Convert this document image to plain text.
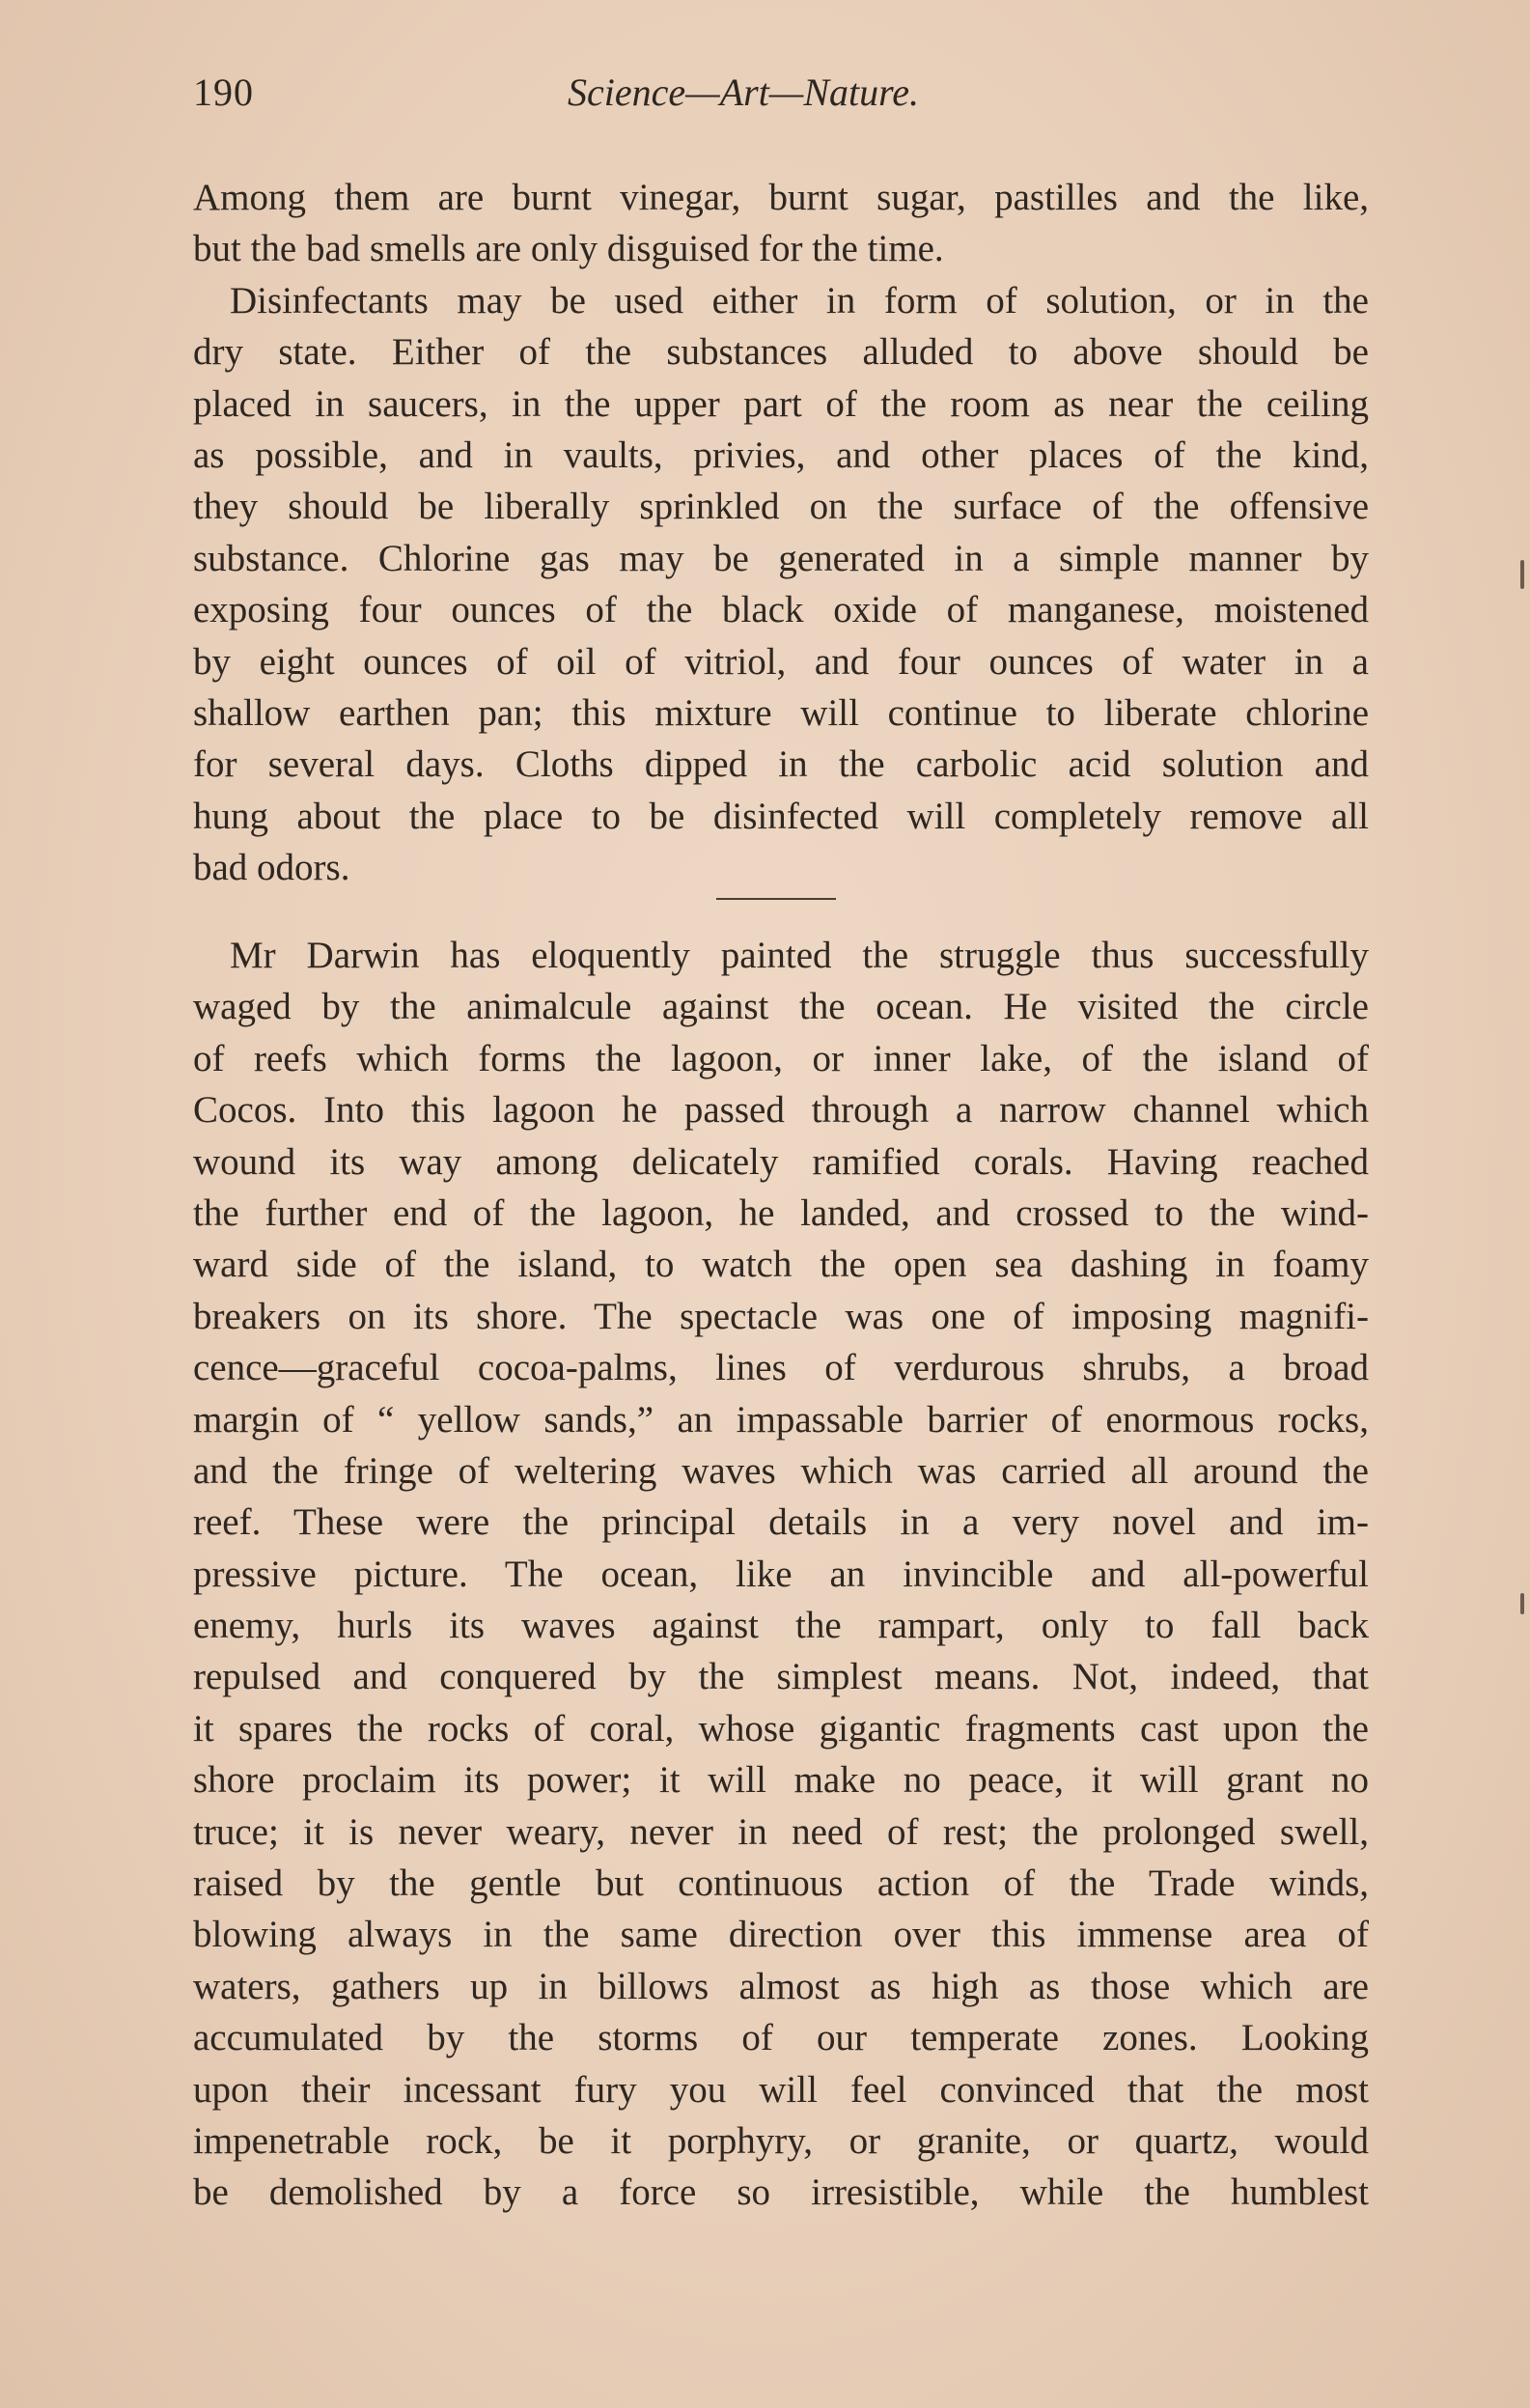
190	Science—Art—Nature.
Among them are burnt vinegar, burnt sugar, pastilles and the like,
but the bad smells are only disguised for the time.
Disinfectants may be used either in form of solution, or in the
dry state. Either of the substances alluded to above should be
placed in saucers, in the upper part of the room as near the ceiling
as possible, and in vaults, privies, and other places of the kind,
they should be liberally sprinkled on the surface of the offensive
substance. Chlorine gas may be generated in a simple manner by
exposing four ounces of the black oxide of manganese, moistened
by eight ounces of oil of vitriol, and four ounces of water in a
shallow earthen pan; this mixture will continue to liberate chlorine
for several days. Cloths dipped in the carbolic acid solution and
hung about the place to be disinfected will completely remove all
bad odors.
Mr Darwin has eloquently painted the struggle thus successfully
waged by the animalcule against the ocean. He visited the circle
of reefs which forms the lagoon, or inner lake, of the island of
Cocos. Into this lagoon he passed through a narrow channel which
wound its way among delicately ramified corals. Having reached
the further end of the lagoon, he landed, and crossed to the wind-
ward side of the island, to watch the open sea dashing in foamy
breakers on its shore. The spectacle was one of imposing magnifi-
cence—graceful cocoa-palms, lines of verdurous shrubs, a broad
margin of “ yellow sands,” an impassable barrier of enormous rocks,
and the fringe of weltering waves which was carried all around the
reef. These were the principal details in a very novel and im-
pressive picture. The ocean, like an invincible and all-powerful
enemy, hurls its waves against the rampart, only to fall back
repulsed and conquered by the simplest means. Not, indeed, that
it spares the rocks of coral, whose gigantic fragments cast upon the
shore proclaim its power; it will make no peace, it will grant no
truce; it is never weary, never in need of rest; the prolonged swell,
raised by the gentle but continuous action of the Trade winds,
blowing always in the same direction over this immense area of
waters, gathers up in billows almost as high as those which are
accumulated by the storms of our temperate zones. Looking
upon their incessant fury you will feel convinced that the most
impenetrable rock, be it porphyry, or granite, or quartz, would
be demolished by a force so irresistible, while the humblest
